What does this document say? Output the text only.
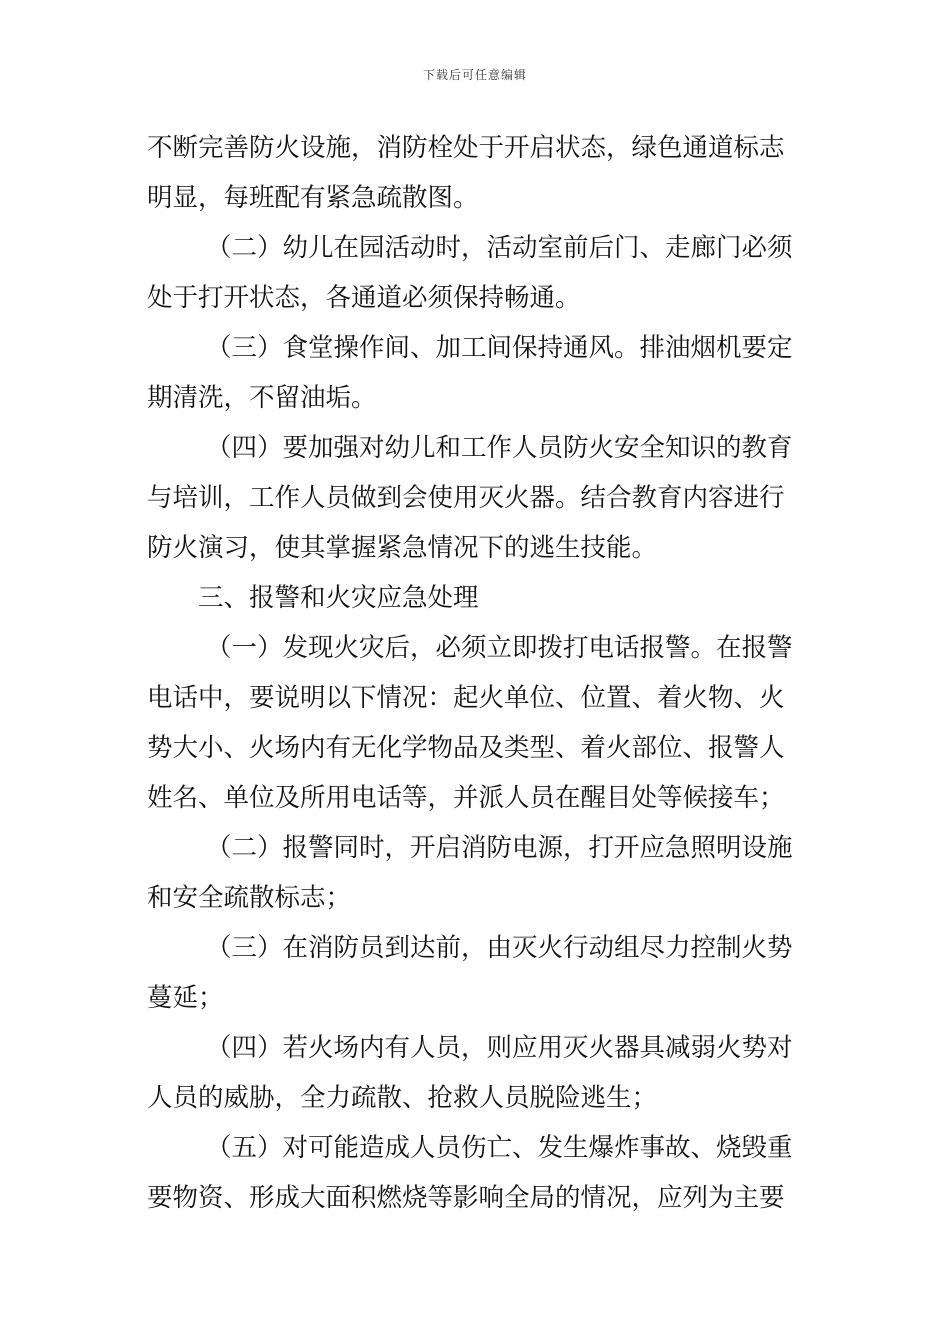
下载后可任意编辑
不断完善防火设施，消防栓处于开启状态，绿色通道标志
明显，每班配有紧急疏散图。
（二）幼儿在园活动时，活动室前后门、走廊门必须
处于打开状态，各通道必须保持畅通。
（三）食堂操作间、加工间保持通风。排油烟机要定
期清洗，不留油垢。
（四）要加强对幼儿和工作人员防火安全知识的教育
与培训，工作人员做到会使用灭火器。结合教育内容进行
防火演习，使其掌握紧急情况下的逃生技能。
三、报警和火灾应急处理
（一）发现火灾后，必须立即拨打电话报警。在报警
电话中，要说明以下情况：起火单位、位置、着火物、火
势大小、火场内有无化学物品及类型、着火部位、报警人
姓名、单位及所用电话等，并派人员在醒目处等候接车；
（二）报警同时，开启消防电源，打开应急照明设施
和安全疏散标志；
（三）在消防员到达前，由灭火行动组尽力控制火势
蔓延；
（四）若火场内有人员，则应用灭火器具减弱火势对
人员的威胁，全力疏散、抢救人员脱险逃生；
（五）对可能造成人员伤亡、发生爆炸事故、烧毁重
要物资、形成大面积燃烧等影响全局的情况，应列为主要
